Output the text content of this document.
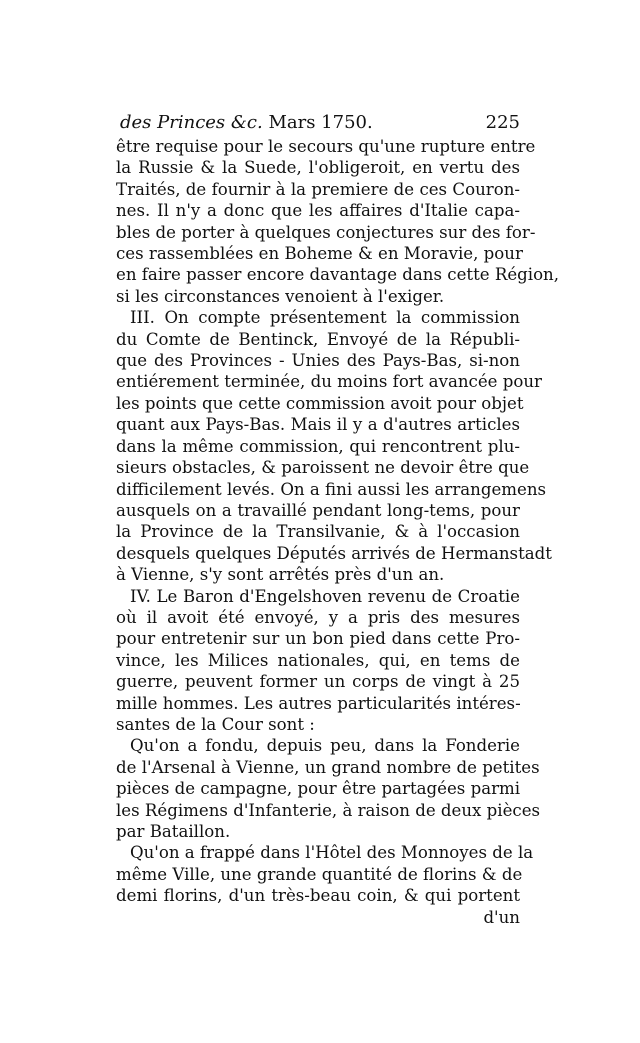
des Princes &c. Mars 1750.	225
être requise pour le secours qu'une rupture entre
la Russie & la Suede, l'obligeroit, en vertu des
Traités, de fournir à la premiere de ces Couron-
nes. Il n'y a donc que les affaires d'Italie capa-
bles de porter à quelques conjectures sur des for-
ces rassemblées en Boheme & en Moravie, pour
en faire passer encore davantage dans cette Région,
si les circonstances venoient à l'exiger.
III. On compte présentement la commission
du Comte de Bentinck, Envoyé de la Républi-
que des Provinces - Unies des Pays-Bas, si-non
entiérement terminée, du moins fort avancée pour
les points que cette commission avoit pour objet
quant aux Pays-Bas. Mais il y a d'autres articles
dans la même commission, qui rencontrent plu-
sieurs obstacles, & paroissent ne devoir être que
difficilement levés. On a fini aussi les arrangemens
ausquels on a travaillé pendant long-tems, pour
la Province de la Transilvanie, & à l'occasion
desquels quelques Députés arrivés de Hermanstadt
à Vienne, s'y sont arrêtés près d'un an.
IV. Le Baron d'Engelshoven revenu de Croatie
où il avoit été envoyé, y a pris des mesures
pour entretenir sur un bon pied dans cette Pro-
vince, les Milices nationales, qui, en tems de
guerre, peuvent former un corps de vingt à 25
mille hommes. Les autres particularités intéres-
santes de la Cour sont :
Qu'on a fondu, depuis peu, dans la Fonderie
de l'Arsenal à Vienne, un grand nombre de petites
pièces de campagne, pour être partagées parmi
les Régimens d'Infanterie, à raison de deux pièces
par Bataillon.
Qu'on a frappé dans l'Hôtel des Monnoyes de la
même Ville, une grande quantité de florins & de
demi florins, d'un très-beau coin, & qui portent
d'un
